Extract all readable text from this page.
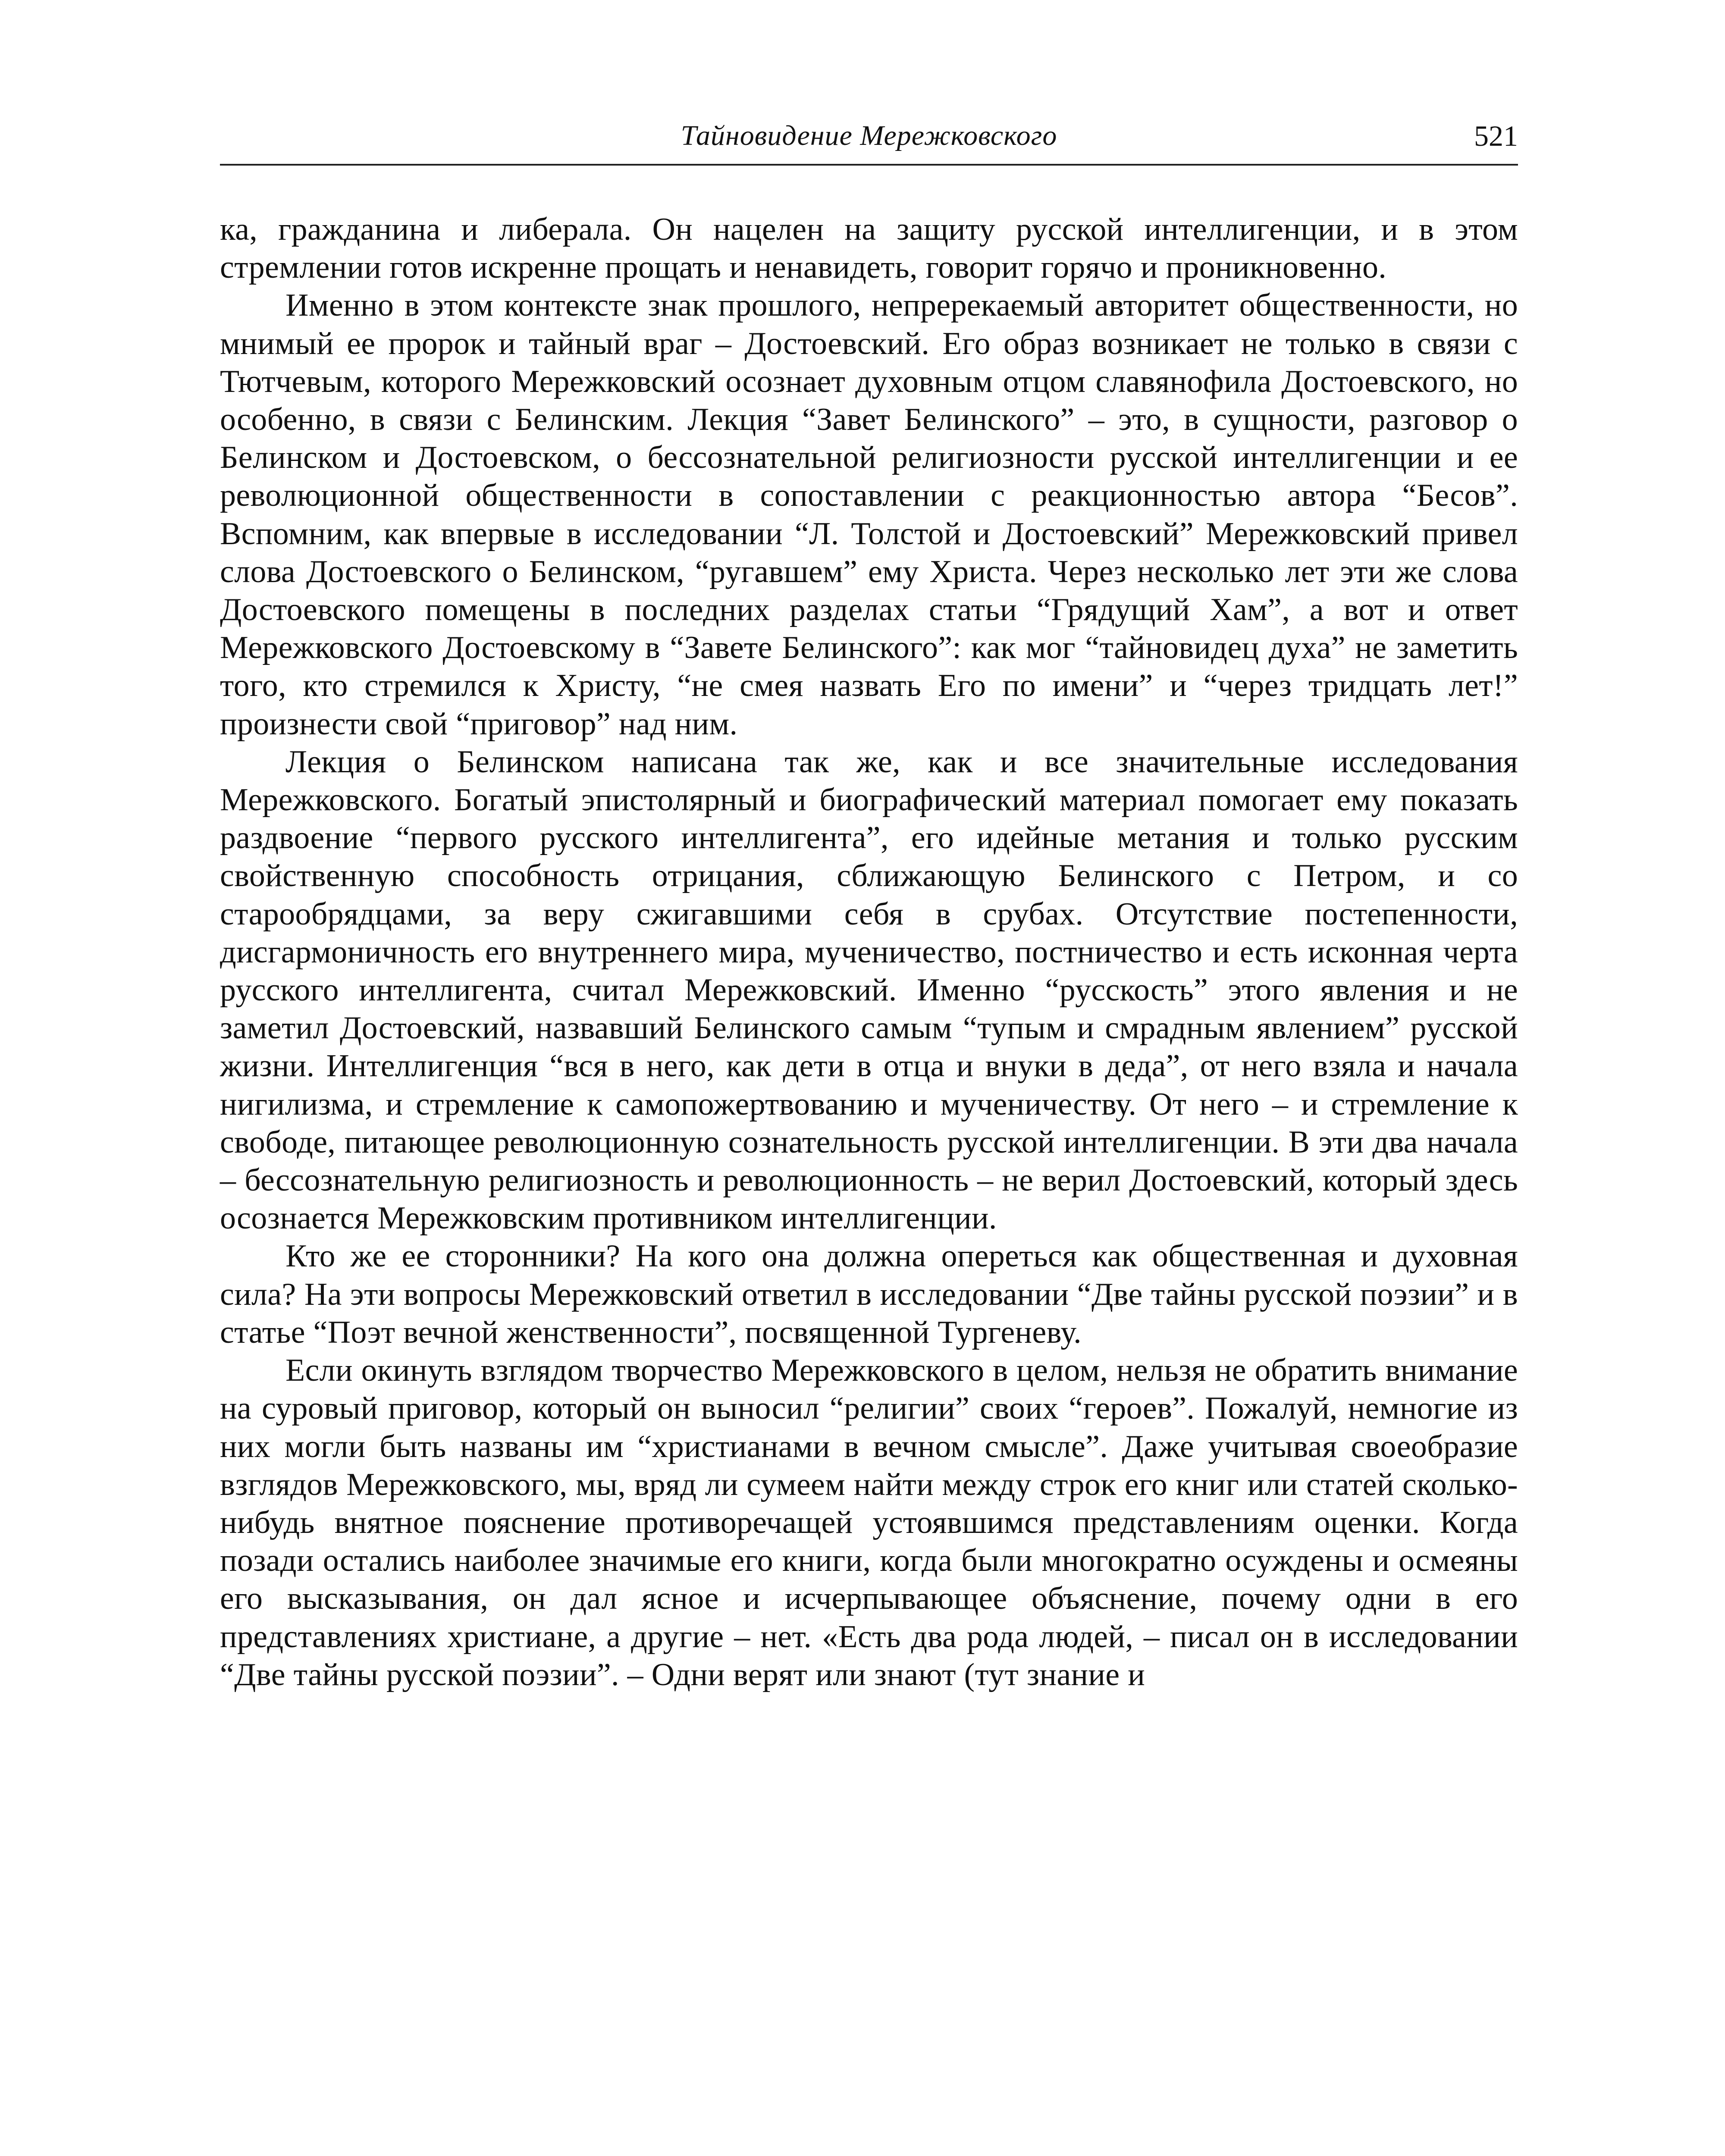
Тайновидение Мережковского	521

ка, гражданина и либерала. Он нацелен на защиту русской интеллигенции, и в этом стремлении готов искренне прощать и ненавидеть, говорит горячо и проникновенно.

Именно в этом контексте знак прошлого, непререкаемый авторитет общественности, но мнимый ее пророк и тайный враг – Достоевский. Его образ возникает не только в связи с Тютчевым, которого Мережковский осознает духовным отцом славянофила Достоевского, но особенно, в связи с Белинским. Лекция “Завет Белинского” – это, в сущности, разговор о Белинском и Достоевском, о бессознательной религиозности русской интеллигенции и ее революционной общественности в сопоставлении с реакционностью автора “Бесов”. Вспомним, как впервые в исследовании “Л. Толстой и Достоевский” Мережковский привел слова Достоевского о Белинском, “ругавшем” ему Христа. Через несколько лет эти же слова Достоевского помещены в последних разделах статьи “Грядущий Хам”, а вот и ответ Мережковского Достоевскому в “Завете Белинского”: как мог “тайновидец духа” не заметить того, кто стремился к Христу, “не смея назвать Его по имени” и “через тридцать лет!” произнести свой “приговор” над ним.

Лекция о Белинском написана так же, как и все значительные исследования Мережковского. Богатый эпистолярный и биографический материал помогает ему показать раздвоение “первого русского интеллигента”, его идейные метания и только русским свойственную способность отрицания, сближающую Белинского с Петром, и со старообрядцами, за веру сжигавшими себя в срубах. Отсутствие постепенности, дисгармоничность его внутреннего мира, мученичество, постничество и есть исконная черта русского интеллигента, считал Мережковский. Именно “русскость” этого явления и не заметил Достоевский, назвавший Белинского самым “тупым и смрадным явлением” русской жизни. Интеллигенция “вся в него, как дети в отца и внуки в деда”, от него взяла и начала нигилизма, и стремление к самопожертвованию и мученичеству. От него – и стремление к свободе, питающее революционную сознательность русской интеллигенции. В эти два начала – бессознательную религиозность и революционность – не верил Достоевский, который здесь осознается Мережковским противником интеллигенции.

Кто же ее сторонники? На кого она должна опереться как общественная и духовная сила? На эти вопросы Мережковский ответил в исследовании “Две тайны русской поэзии” и в статье “Поэт вечной женственности”, посвященной Тургеневу.

Если окинуть взглядом творчество Мережковского в целом, нельзя не обратить внимание на суровый приговор, который он выносил “религии” своих “героев”. Пожалуй, немногие из них могли быть названы им “христианами в вечном смысле”. Даже учитывая своеобразие взглядов Мережковского, мы, вряд ли сумеем найти между строк его книг или статей сколько-нибудь внятное пояснение противоречащей устоявшимся представлениям оценки. Когда позади остались наиболее значимые его книги, когда были многократно осуждены и осмеяны его высказывания, он дал ясное и исчерпывающее объяснение, почему одни в его представлениях христиане, а другие – нет. «Есть два рода людей, – писал он в исследовании “Две тайны русской поэзии”. – Одни верят или знают (тут знание и
